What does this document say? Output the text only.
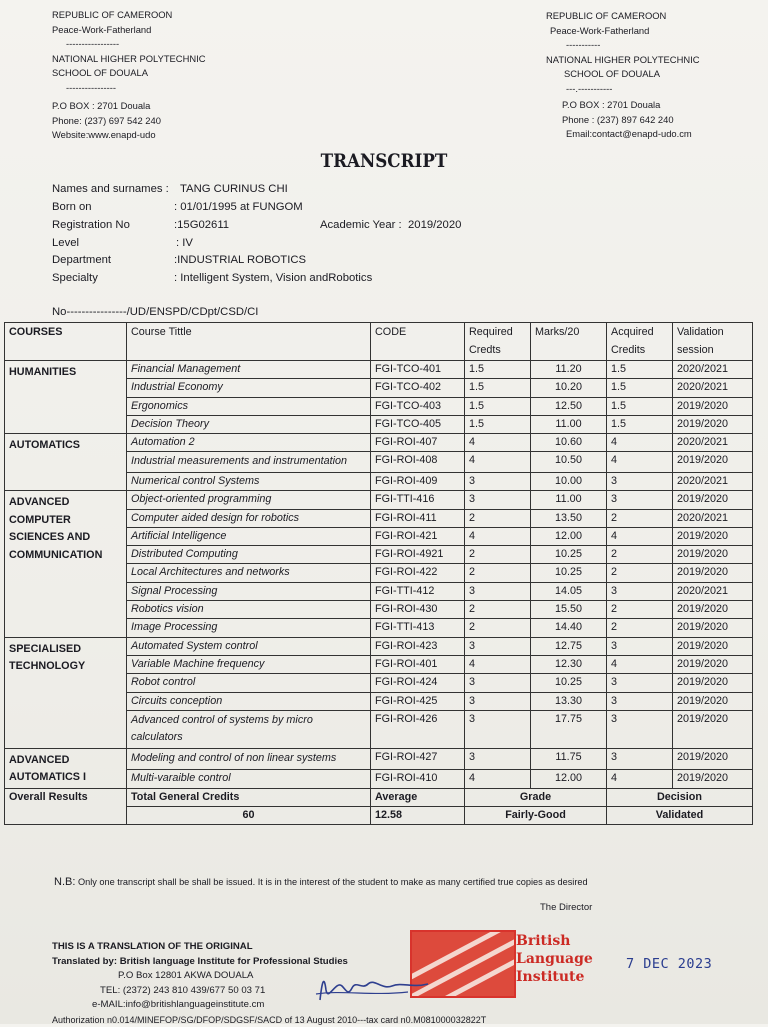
REPUBLIC OF CAMEROON
Peace-Work-Fatherland
-----------------
NATIONAL HIGHER POLYTECHNIC
SCHOOL OF DOUALA
----------------
P.O BOX : 2701 Douala
Phone: (237) 697 542 240
Website:www.enapd-udo
REPUBLIC OF CAMEROON
Peace-Work-Fatherland
-----------
NATIONAL HIGHER POLYTECHNIC
SCHOOL OF DOUALA
---.-----------
P.O BOX : 2701 Douala
Phone : (237) 897 642 240
Email:contact@enapd-udo.cm
TRANSCRIPT
Names and surnames : TANG CURINUS CHI
Born on	: 01/01/1995 at FUNGOM
Registration No	:15G02611	Academic Year : 2019/2020
Level	: IV
Department	:INDUSTRIAL ROBOTICS
Specialty	: Intelligent System, Vision andRobotics
No----------------/UD/ENSPD/CDpt/CSD/CI
COURSES	Course Tittle	CODE	Required Credts	Marks/20	Acquired Credits	Validation session
HUMANITIES	Financial Management	FGI-TCO-401	1.5	11.20	1.5	2020/2021
	Industrial Economy	FGI-TCO-402	1.5	10.20	1.5	2020/2021
	Ergonomics	FGI-TCO-403	1.5	12.50	1.5	2019/2020
	Decision Theory	FGI-TCO-405	1.5	11.00	1.5	2019/2020
AUTOMATICS	Automation 2	FGI-ROI-407	4	10.60	4	2020/2021
	Industrial measurements and instrumentation	FGI-ROI-408	4	10.50	4	2019/2020
	Numerical control Systems	FGI-ROI-409	3	10.00	3	2020/2021
ADVANCED COMPUTER SCIENCES AND COMMUNICATION	Object-oriented programming	FGI-TTI-416	3	11.00	3	2019/2020
	Computer aided design for robotics	FGI-ROI-411	2	13.50	2	2020/2021
	Artificial Intelligence	FGI-ROI-421	4	12.00	4	2019/2020
	Distributed Computing	FGI-ROI-4921	2	10.25	2	2019/2020
	Local Architectures and networks	FGI-ROI-422	2	10.25	2	2019/2020
	Signal Processing	FGI-TTI-412	3	14.05	3	2020/2021
	Robotics vision	FGI-ROI-430	2	15.50	2	2019/2020
	Image Processing	FGI-TTI-413	2	14.40	2	2019/2020
SPECIALISED TECHNOLOGY	Automated System control	FGI-ROI-423	3	12.75	3	2019/2020
	Variable Machine frequency	FGI-ROI-401	4	12.30	4	2019/2020
	Robot control	FGI-ROI-424	3	10.25	3	2019/2020
	Circuits conception	FGI-ROI-425	3	13.30	3	2019/2020
	Advanced control of systems by micro calculators	FGI-ROI-426	3	17.75	3	2019/2020
ADVANCED AUTOMATICS I	Modeling and control of non linear systems	FGI-ROI-427	3	11.75	3	2019/2020
	Multi-varaible control	FGI-ROI-410	4	12.00	4	2019/2020
Overall Results	Total General Credits	Average	Grade		Decision	
	60	12.58	Fairly-Good		Validated	
N.B: Only one transcript shall be shall be issued. It is in the interest of the student to make as many certified true copies as desired
The Director
British
Language
Institute
7 DEC 2023
THIS IS A TRANSLATION OF THE ORIGINAL
Translated by: British language Institute for Professional Studies
P.O Box 12801 AKWA DOUALA
TEL: (2372) 243 810 439/677 50 03 71
e-MAIL:info@britishlanguageinstitute.cm
Authorization n0.014/MINEFOP/SG/DFOP/SDGSF/SACD of 13 August 2010---tax card n0.M081000032822T
